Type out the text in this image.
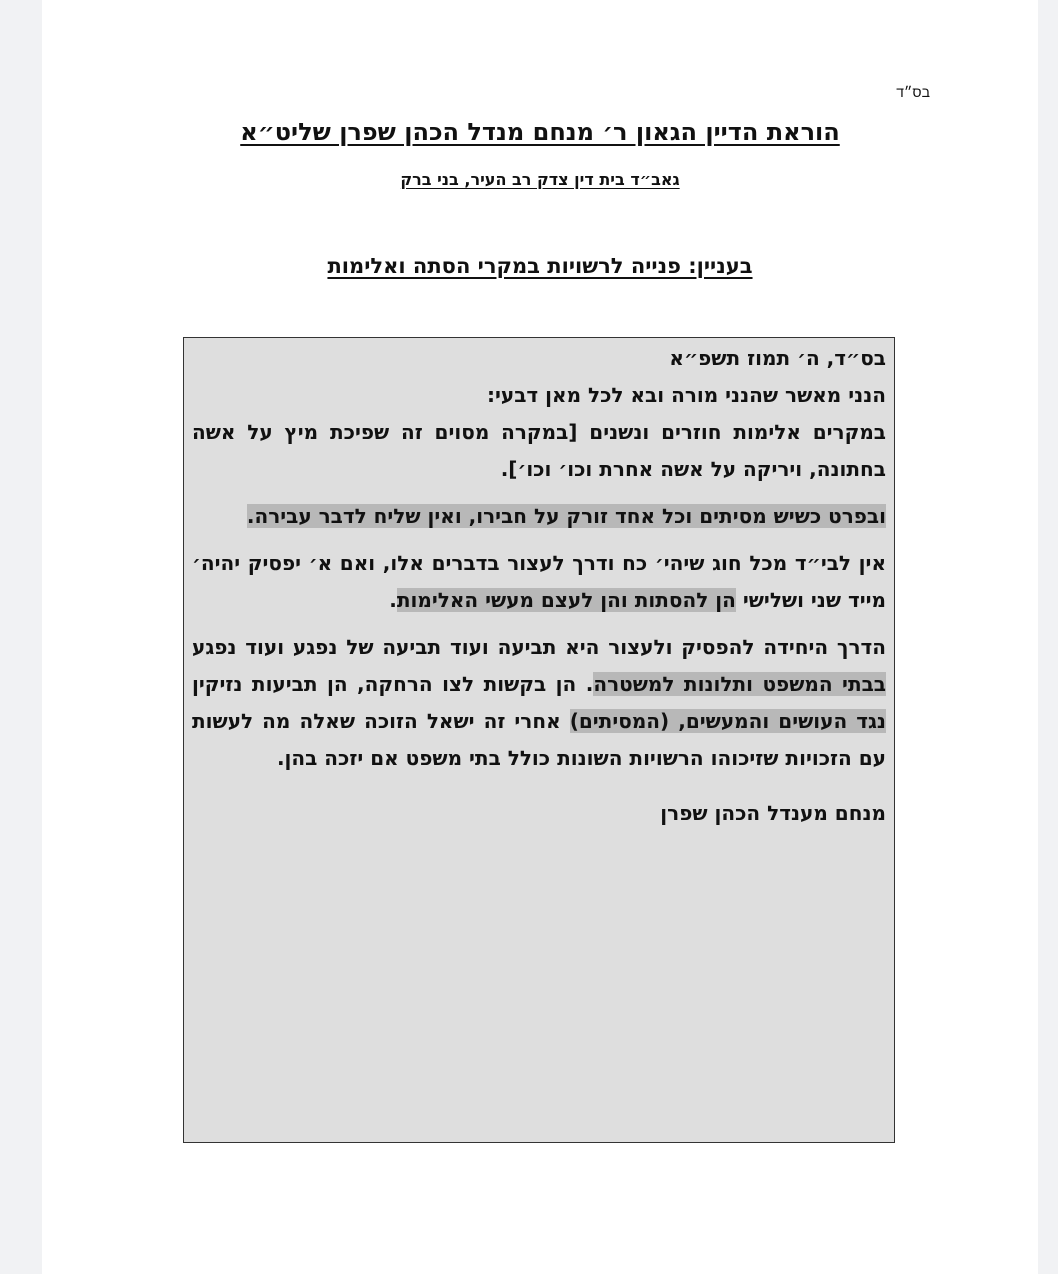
בס״ד
הוראת הדיין הגאון ר׳ מנחם מנדל הכהן שפרן שליט״א
גאב״ד בית דין צדק רב העיר, בני ברק
בעניין: פנייה לרשויות במקרי הסתה ואלימות

בס״ד, ה׳ תמוז תשפ״א

הנני מאשר שהנני מורה ובא לכל מאן דבעי:

במקרים אלימות חוזרים ונשנים [במקרה מסוים זה שפיכת מיץ על אשה בחתונה, ויריקה על אשה אחרת וכו׳ וכו׳].

ובפרט כשיש מסיתים וכל אחד זורק על חבירו, ואין שליח לדבר עבירה.

אין לבי״ד מכל חוג שיהי׳ כח ודרך לעצור בדברים אלו, ואם א׳ יפסיק יהיה׳ מייד שני ושלישי הן להסתות והן לעצם מעשי האלימות.

הדרך היחידה להפסיק ולעצור היא תביעה ועוד תביעה של נפגע ועוד נפגע בבתי המשפט ותלונות למשטרה. הן בקשות לצו הרחקה, הן תביעות נזיקין נגד העושים והמעשים, (המסיתים) אחרי זה ישאל הזוכה שאלה מה לעשות עם הזכויות שזיכוהו הרשויות השונות כולל בתי משפט אם יזכה בהן.

מנחם מענדל הכהן שפרן
